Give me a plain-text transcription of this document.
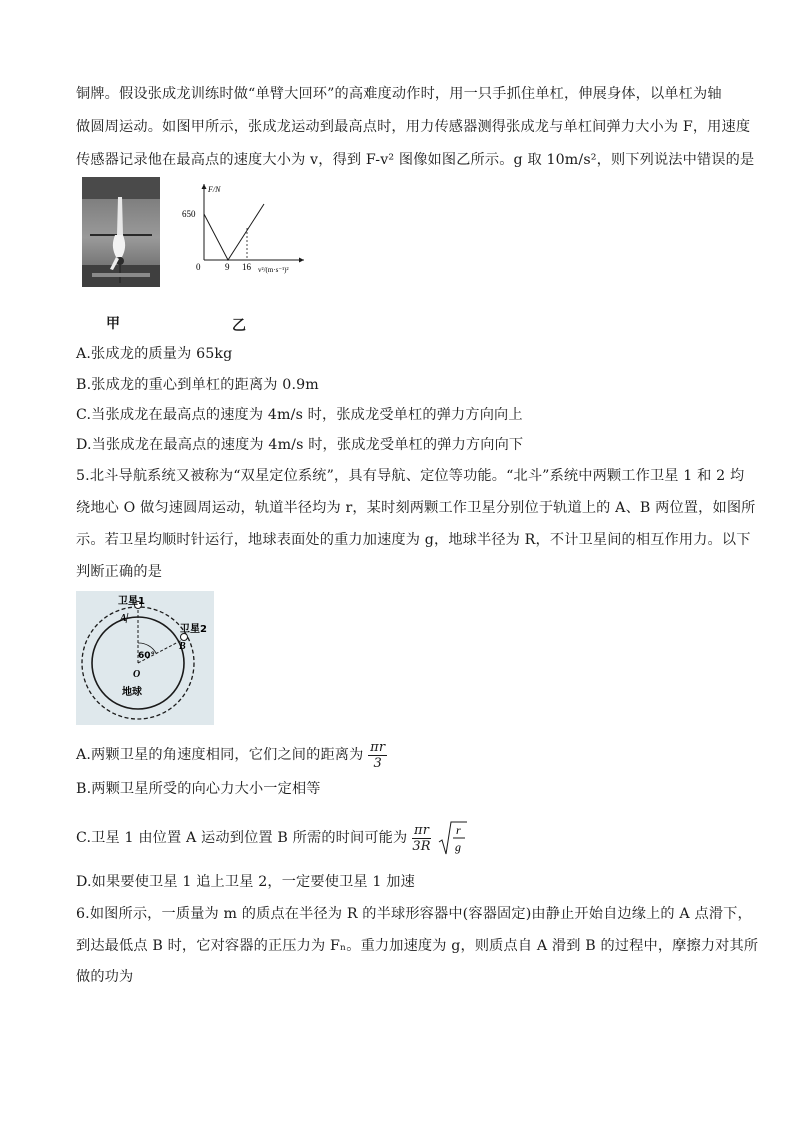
铜牌。假设张成龙训练时做“单臂大回环”的高难度动作时，用一只手抓住单杠，伸展身体，以单杠为轴
做圆周运动。如图甲所示，张成龙运动到最高点时，用力传感器测得张成龙与单杠间弹力大小为 F，用速度
传感器记录他在最高点的速度大小为 v，得到 F-v² 图像如图乙所示。g 取 10m/s²，则下列说法中错误的是
F/N
650
0	9 16 v²/(m·s⁻¹)²
甲	乙
A.张成龙的质量为 65kg
B.张成龙的重心到单杠的距离为 0.9m
C.当张成龙在最高点的速度为 4m/s 时，张成龙受单杠的弹力方向向上
D.当张成龙在最高点的速度为 4m/s 时，张成龙受单杠的弹力方向向下
5.北斗导航系统又被称为“双星定位系统”，具有导航、定位等功能。“北斗”系统中两颗工作卫星 1 和 2 均
绕地心 O 做匀速圆周运动，轨道半径均为 r，某时刻两颗工作卫星分别位于轨道上的 A、B 两位置，如图所
示。若卫星均顺时针运行，地球表面处的重力加速度为 g，地球半径为 R，不计卫星间的相互作用力。以下
判断正确的是
卫星1
卫星2
A
B
60°
O
地球
A.两颗卫星的角速度相同，它们之间的距离为 $\frac{\pi r}{3}$
B.两颗卫星所受的向心力大小一定相等
C.卫星 1 由位置 A 运动到位置 B 所需的时间可能为 $\frac{\pi r}{3R}$
r
g
D.如果要使卫星 1 追上卫星 2，一定要使卫星 1 加速
6.如图所示，一质量为 m 的质点在半径为 R 的半球形容器中(容器固定)由静止开始自边缘上的 A 点滑下，
到达最低点 B 时，它对容器的正压力为 Fₙ。重力加速度为 g，则质点自 A 滑到 B 的过程中，摩擦力对其所
做的功为
